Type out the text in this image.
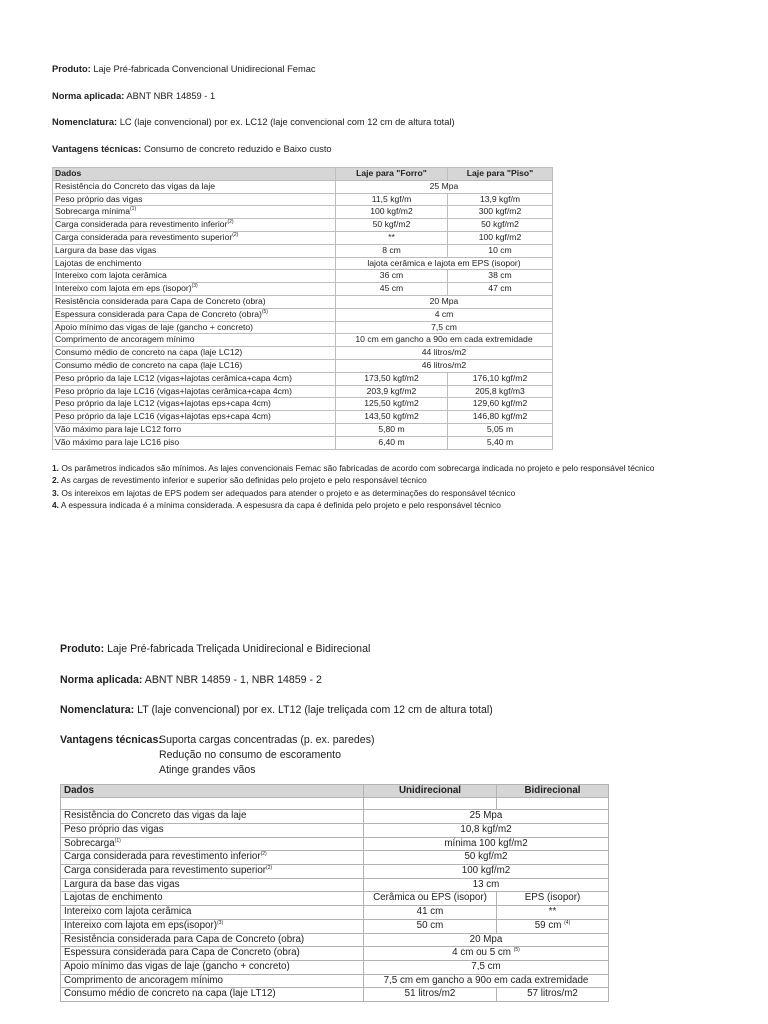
Produto: Laje Pré-fabricada Convencional Unidirecional Femac
Norma aplicada: ABNT NBR 14859 - 1
Nomenclatura: LC (laje convencional) por ex. LC12 (laje convencional com 12 cm de altura total)
Vantagens técnicas: Consumo de concreto reduzido e Baixo custo
Dados	Laje para "Forro"	Laje para "Piso"
Resistência do Concreto das vigas da laje	25 Mpa	
Peso próprio das vigas	11,5 kgf/m	13,9 kgf/m
Sobrecarga mínima$^{(1)}$	100 kgf/m2	300 kgf/m2
Carga considerada para revestimento inferior$^{(2)}$	50 kgf/m2	50 kgf/m2
Carga considerada para revestimento superior$^{(2)}$	**	100 kgf/m2
Largura da base das vigas	8 cm	10 cm
Lajotas de enchimento	lajota cerâmica e lajota em EPS (isopor)	
Intereixo com lajota cerâmica	36 cm	38 cm
Intereixo com lajota em eps (isopor)$^{(3)}$	45 cm	47 cm
Resistência considerada para Capa de Concreto (obra)	20 Mpa	
Espessura considerada para Capa de Concreto (obra)$^{(5)}$	4 cm	
Apoio mínimo das vigas de laje (gancho + concreto)	7,5 cm	
Comprimento de ancoragem mínimo	10 cm em gancho a 90o em cada extremidade	
Consumo médio de concreto na capa (laje LC12)	44 litros/m2	
Consumo médio de concreto na capa (laje LC16)	46 litros/m2	
Peso próprio da laje LC12 (vigas+lajotas cerâmica+capa 4cm)	173,50 kgf/m2	176,10 kgf/m2
Peso próprio da laje LC16 (vigas+lajotas cerâmica+capa 4cm)	203,9 kgf/m2	205,8 kgf/m3
Peso próprio da laje LC12 (vigas+lajotas eps+capa 4cm)	125,50 kgf/m2	129,60 kgf/m2
Peso próprio da laje LC16 (vigas+lajotas eps+capa 4cm)	143,50 kgf/m2	146,80 kgf/m2
Vão máximo para laje LC12 forro	5,80 m	5,05 m
Vão máximo para laje LC16 piso	6,40 m	5,40 m
1. Os parâmetros indicados são mínimos. As lajes convencionais Femac são fabricadas de acordo com sobrecarga indicada no projeto e pelo responsável técnico
2. As cargas de revestimento inferior e superior são definidas pelo projeto e pelo responsável técnico
3. Os intereixos em lajotas de EPS podem ser adequados para atender o projeto e as determinações do responsável técnico
4. A espessura indicada é a mínima considerada. A espesusra da capa é definida pelo projeto e pelo responsável técnico
Produto: Laje Pré-fabricada Treliçada Unidirecional e Bidirecional
Norma aplicada: ABNT NBR 14859 - 1, NBR 14859 - 2
Nomenclatura: LT (laje convencional) por ex. LT12 (laje treliçada com 12 cm de altura total)
Vantagens técnicas:
Suporta cargas concentradas (p. ex. paredes)
Redução no consumo de escoramento
Atinge grandes vãos
Dados	Unidirecional	Bidirecional

Resistência do Concreto das vigas da laje	25 Mpa	
Peso próprio das vigas	10,8 kgf/m2	
Sobrecarga$^{(1)}$	mínima 100 kgf/m2	
Carga considerada para revestimento inferior$^{(2)}$	50 kgf/m2	
Carga considerada para revestimento superior$^{(2)}$	100 kgf/m2	
Largura da base das vigas	13 cm	
Lajotas de enchimento	Cerâmica ou EPS (isopor)	EPS (isopor)
Intereixo com lajota cerâmica	41 cm	**
Intereixo com lajota em eps(isopor)$^{(3)}$	50 cm	59 cm $^{(4)}$
Resistência considerada para Capa de Concreto (obra)	20 Mpa	
Espessura considerada para Capa de Concreto (obra)	4 cm ou 5 cm $^{(5)}$
Apoio mínimo das vigas de laje (gancho + concreto)	7,5 cm	
Comprimento de ancoragem mínimo	7,5 cm em gancho a 90o em cada extremidade	
Consumo médio de concreto na capa (laje LT12)	51 litros/m2	57 litros/m2
